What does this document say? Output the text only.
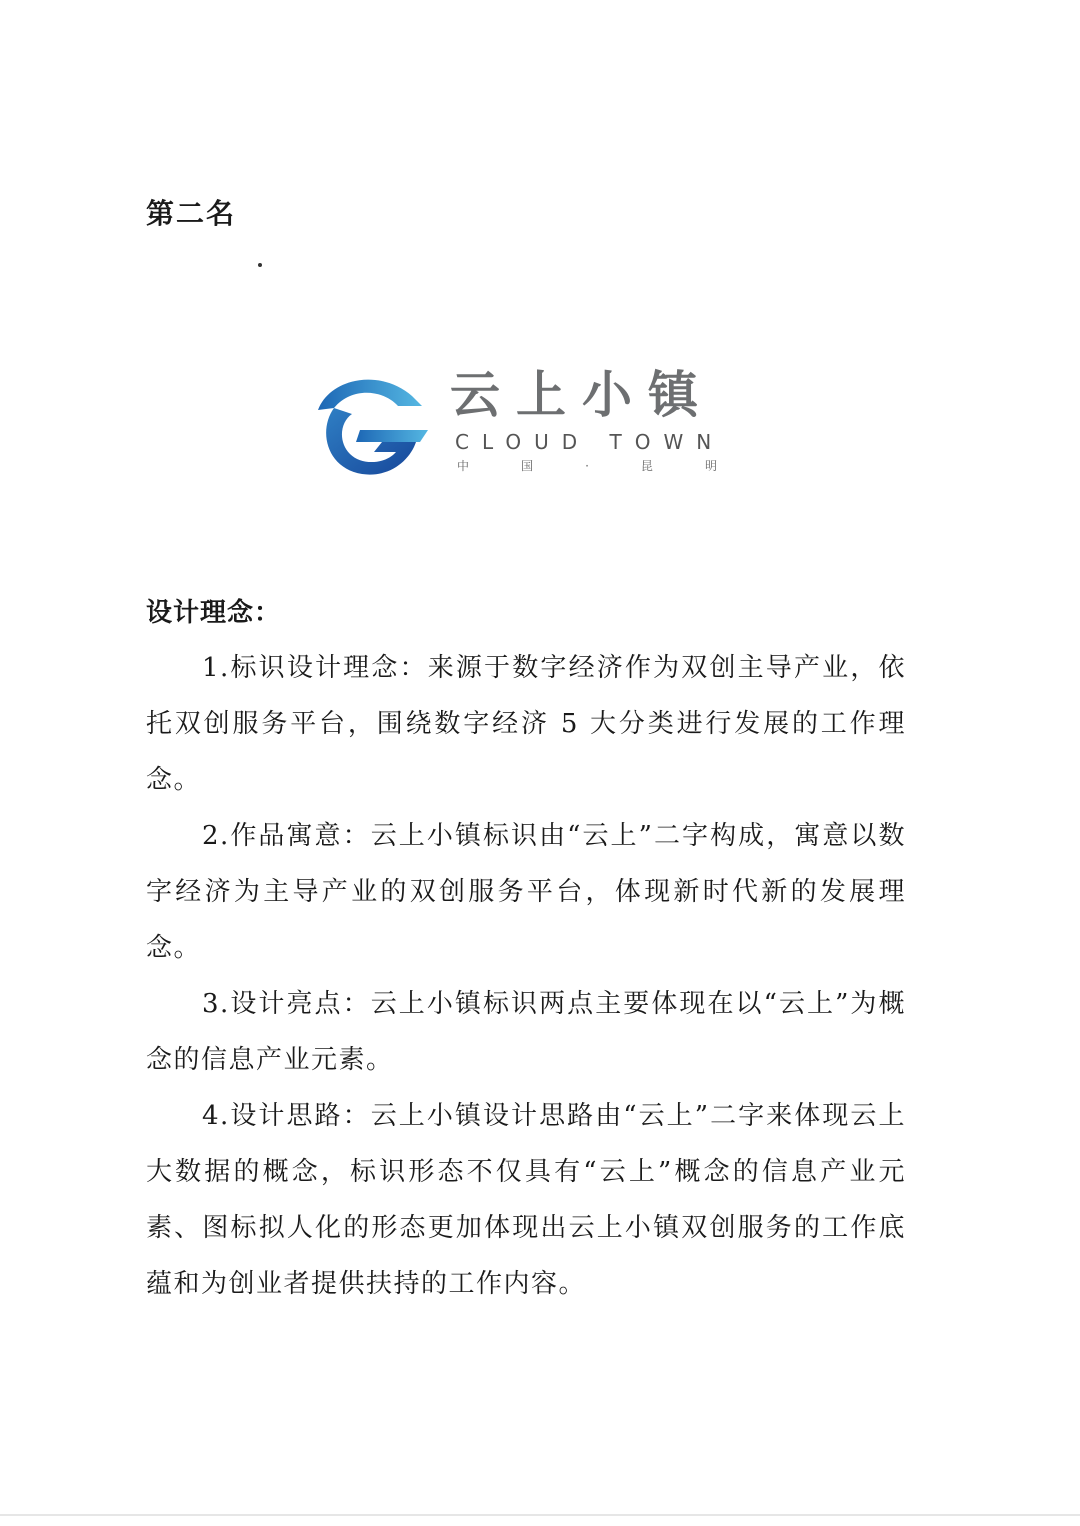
第二名
云上小镇
CLOUD TOWN
中	国	·	昆	明
设计理念：

1.标识设计理念：来源于数字经济作为双创主导产业，依托双创服务平台，围绕数字经济 5 大分类进行发展的工作理念。

2.作品寓意：云上小镇标识由“云上”二字构成，寓意以数字经济为主导产业的双创服务平台，体现新时代新的发展理念。

3.设计亮点：云上小镇标识两点主要体现在以“云上”为概念的信息产业元素。

4.设计思路：云上小镇设计思路由“云上”二字来体现云上大数据的概念，标识形态不仅具有“云上”概念的信息产业元素、图标拟人化的形态更加体现出云上小镇双创服务的工作底蕴和为创业者提供扶持的工作内容。
